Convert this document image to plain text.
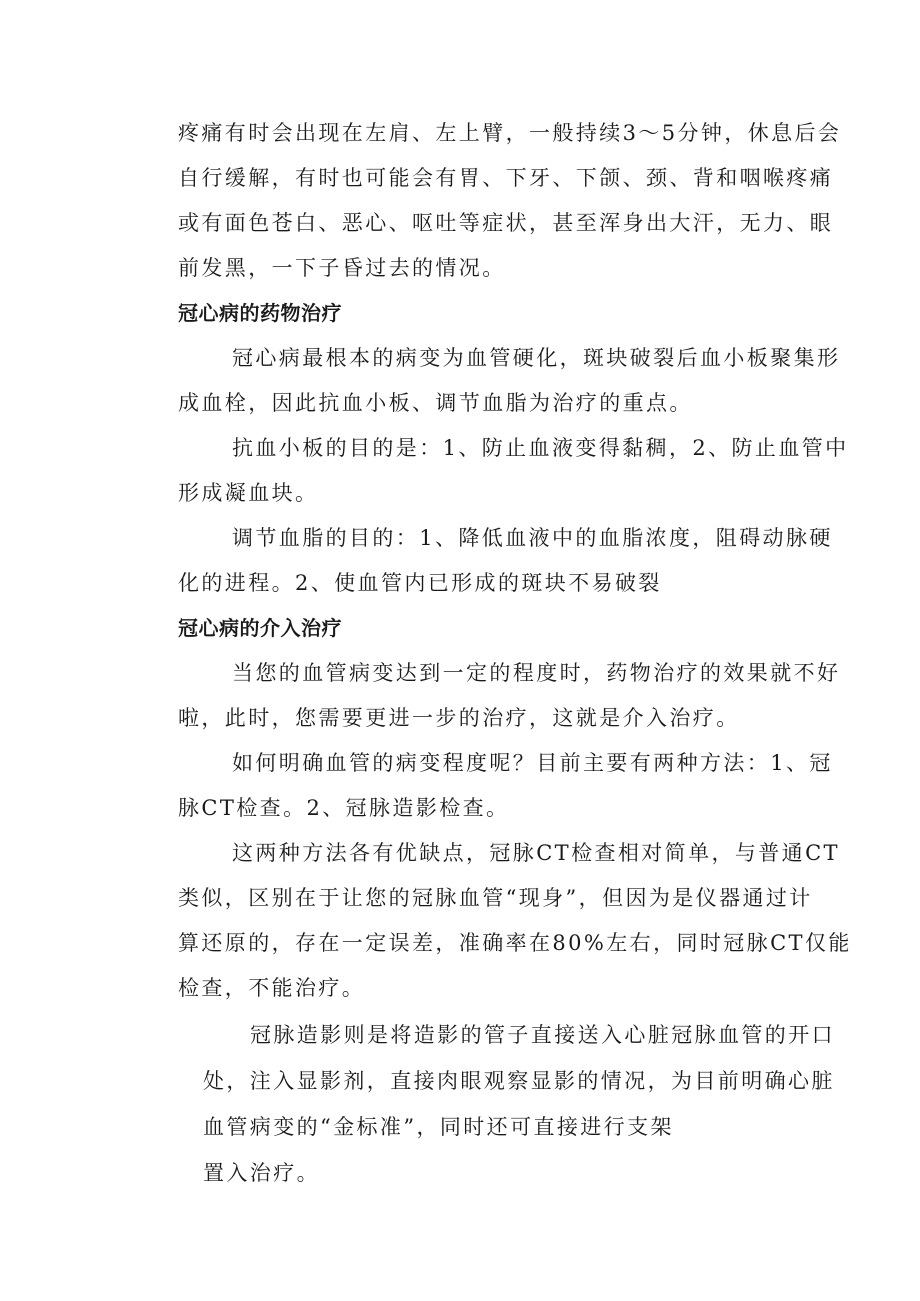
疼痛有时会出现在左肩、左上臂，一般持续3～5分钟，休息后会
自行缓解，有时也可能会有胃、下牙、下颌、颈、背和咽喉疼痛
或有面色苍白、恶心、呕吐等症状，甚至浑身出大汗，无力、眼
前发黑，一下子昏过去的情况。
冠心病的药物治疗
冠心病最根本的病变为血管硬化，斑块破裂后血小板聚集形
成血栓，因此抗血小板、调节血脂为治疗的重点。
抗血小板的目的是：1、防止血液变得黏稠，2、防止血管中
形成凝血块。
调节血脂的目的：1、降低血液中的血脂浓度，阻碍动脉硬
化的进程。2、使血管内已形成的斑块不易破裂
冠心病的介入治疗
当您的血管病变达到一定的程度时，药物治疗的效果就不好
啦，此时，您需要更进一步的治疗，这就是介入治疗。
如何明确血管的病变程度呢？目前主要有两种方法：1、冠
脉CT检查。2、冠脉造影检查。
这两种方法各有优缺点，冠脉CT检查相对简单，与普通CT
类似，区别在于让您的冠脉血管“现身”，但因为是仪器通过计
算还原的，存在一定误差，准确率在80%左右，同时冠脉CT仅能
检查，不能治疗。
冠脉造影则是将造影的管子直接送入心脏冠脉血管的开口
处，注入显影剂，直接肉眼观察显影的情况，为目前明确心脏
血管病变的“金标准”，同时还可直接进行支架
置入治疗。
